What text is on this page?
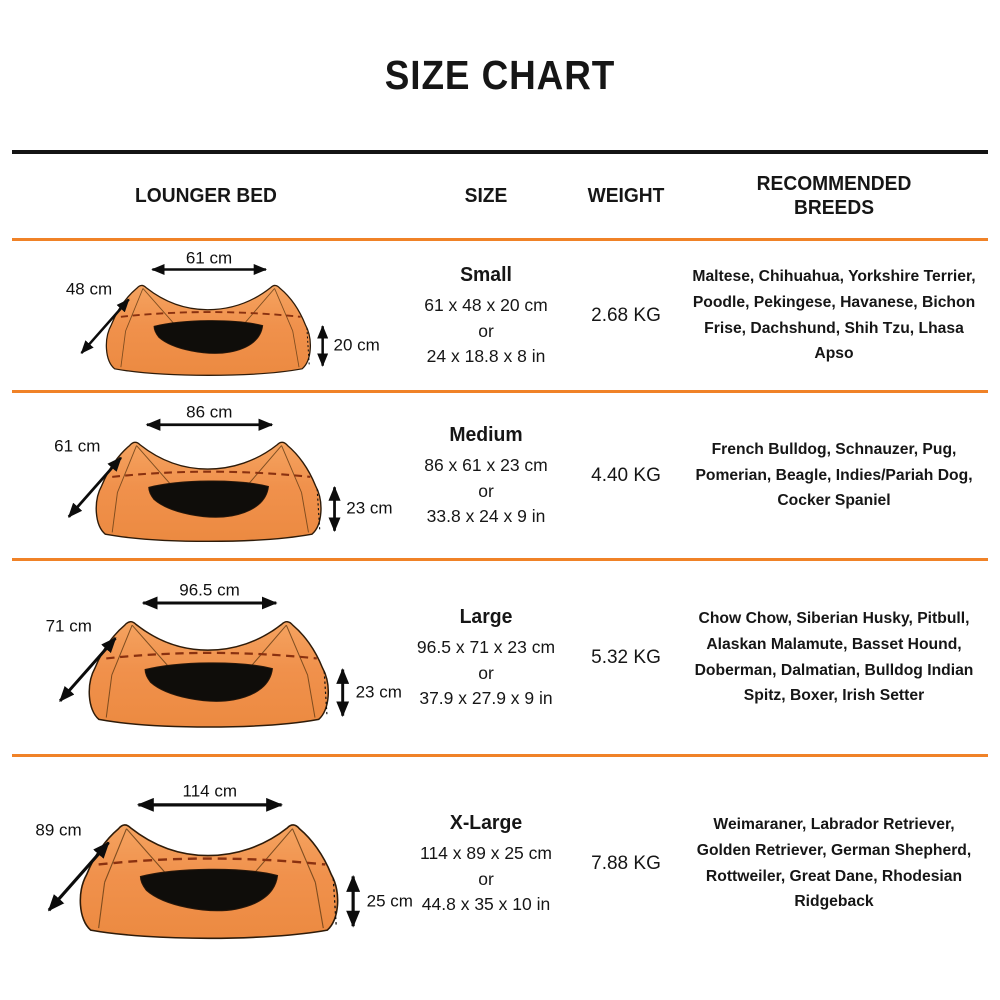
SIZE CHART
LOUNGER BED	SIZE	WEIGHT
RECOMMENDED BREEDS
61 cm
48 cm
20 cm
Small
61 x 48 x 20 cm
or
24 x 18.8 x 8 in
2.68 KG
Maltese, Chihuahua, Yorkshire Terrier, Poodle, Pekingese, Havanese, Bichon Frise, Dachshund, Shih Tzu, Lhasa Apso
86 cm
61 cm
23 cm
Medium
86 x 61 x 23 cm
or
33.8 x 24 x 9 in
4.40 KG
French Bulldog, Schnauzer, Pug, Pomerian, Beagle, Indies/Pariah Dog, Cocker Spaniel
96.5 cm
71 cm
23 cm
Large
96.5 x 71 x 23 cm
or
37.9 x 27.9 x 9 in
5.32 KG
Chow Chow, Siberian Husky, Pitbull, Alaskan Malamute, Basset Hound, Doberman, Dalmatian, Bulldog Indian Spitz, Boxer, Irish Setter
114 cm
89 cm
25 cm
X-Large
114 x 89 x 25 cm
or
44.8 x 35 x 10 in
7.88 KG
Weimaraner, Labrador Retriever, Golden Retriever, German Shepherd, Rottweiler, Great Dane, Rhodesian Ridgeback
